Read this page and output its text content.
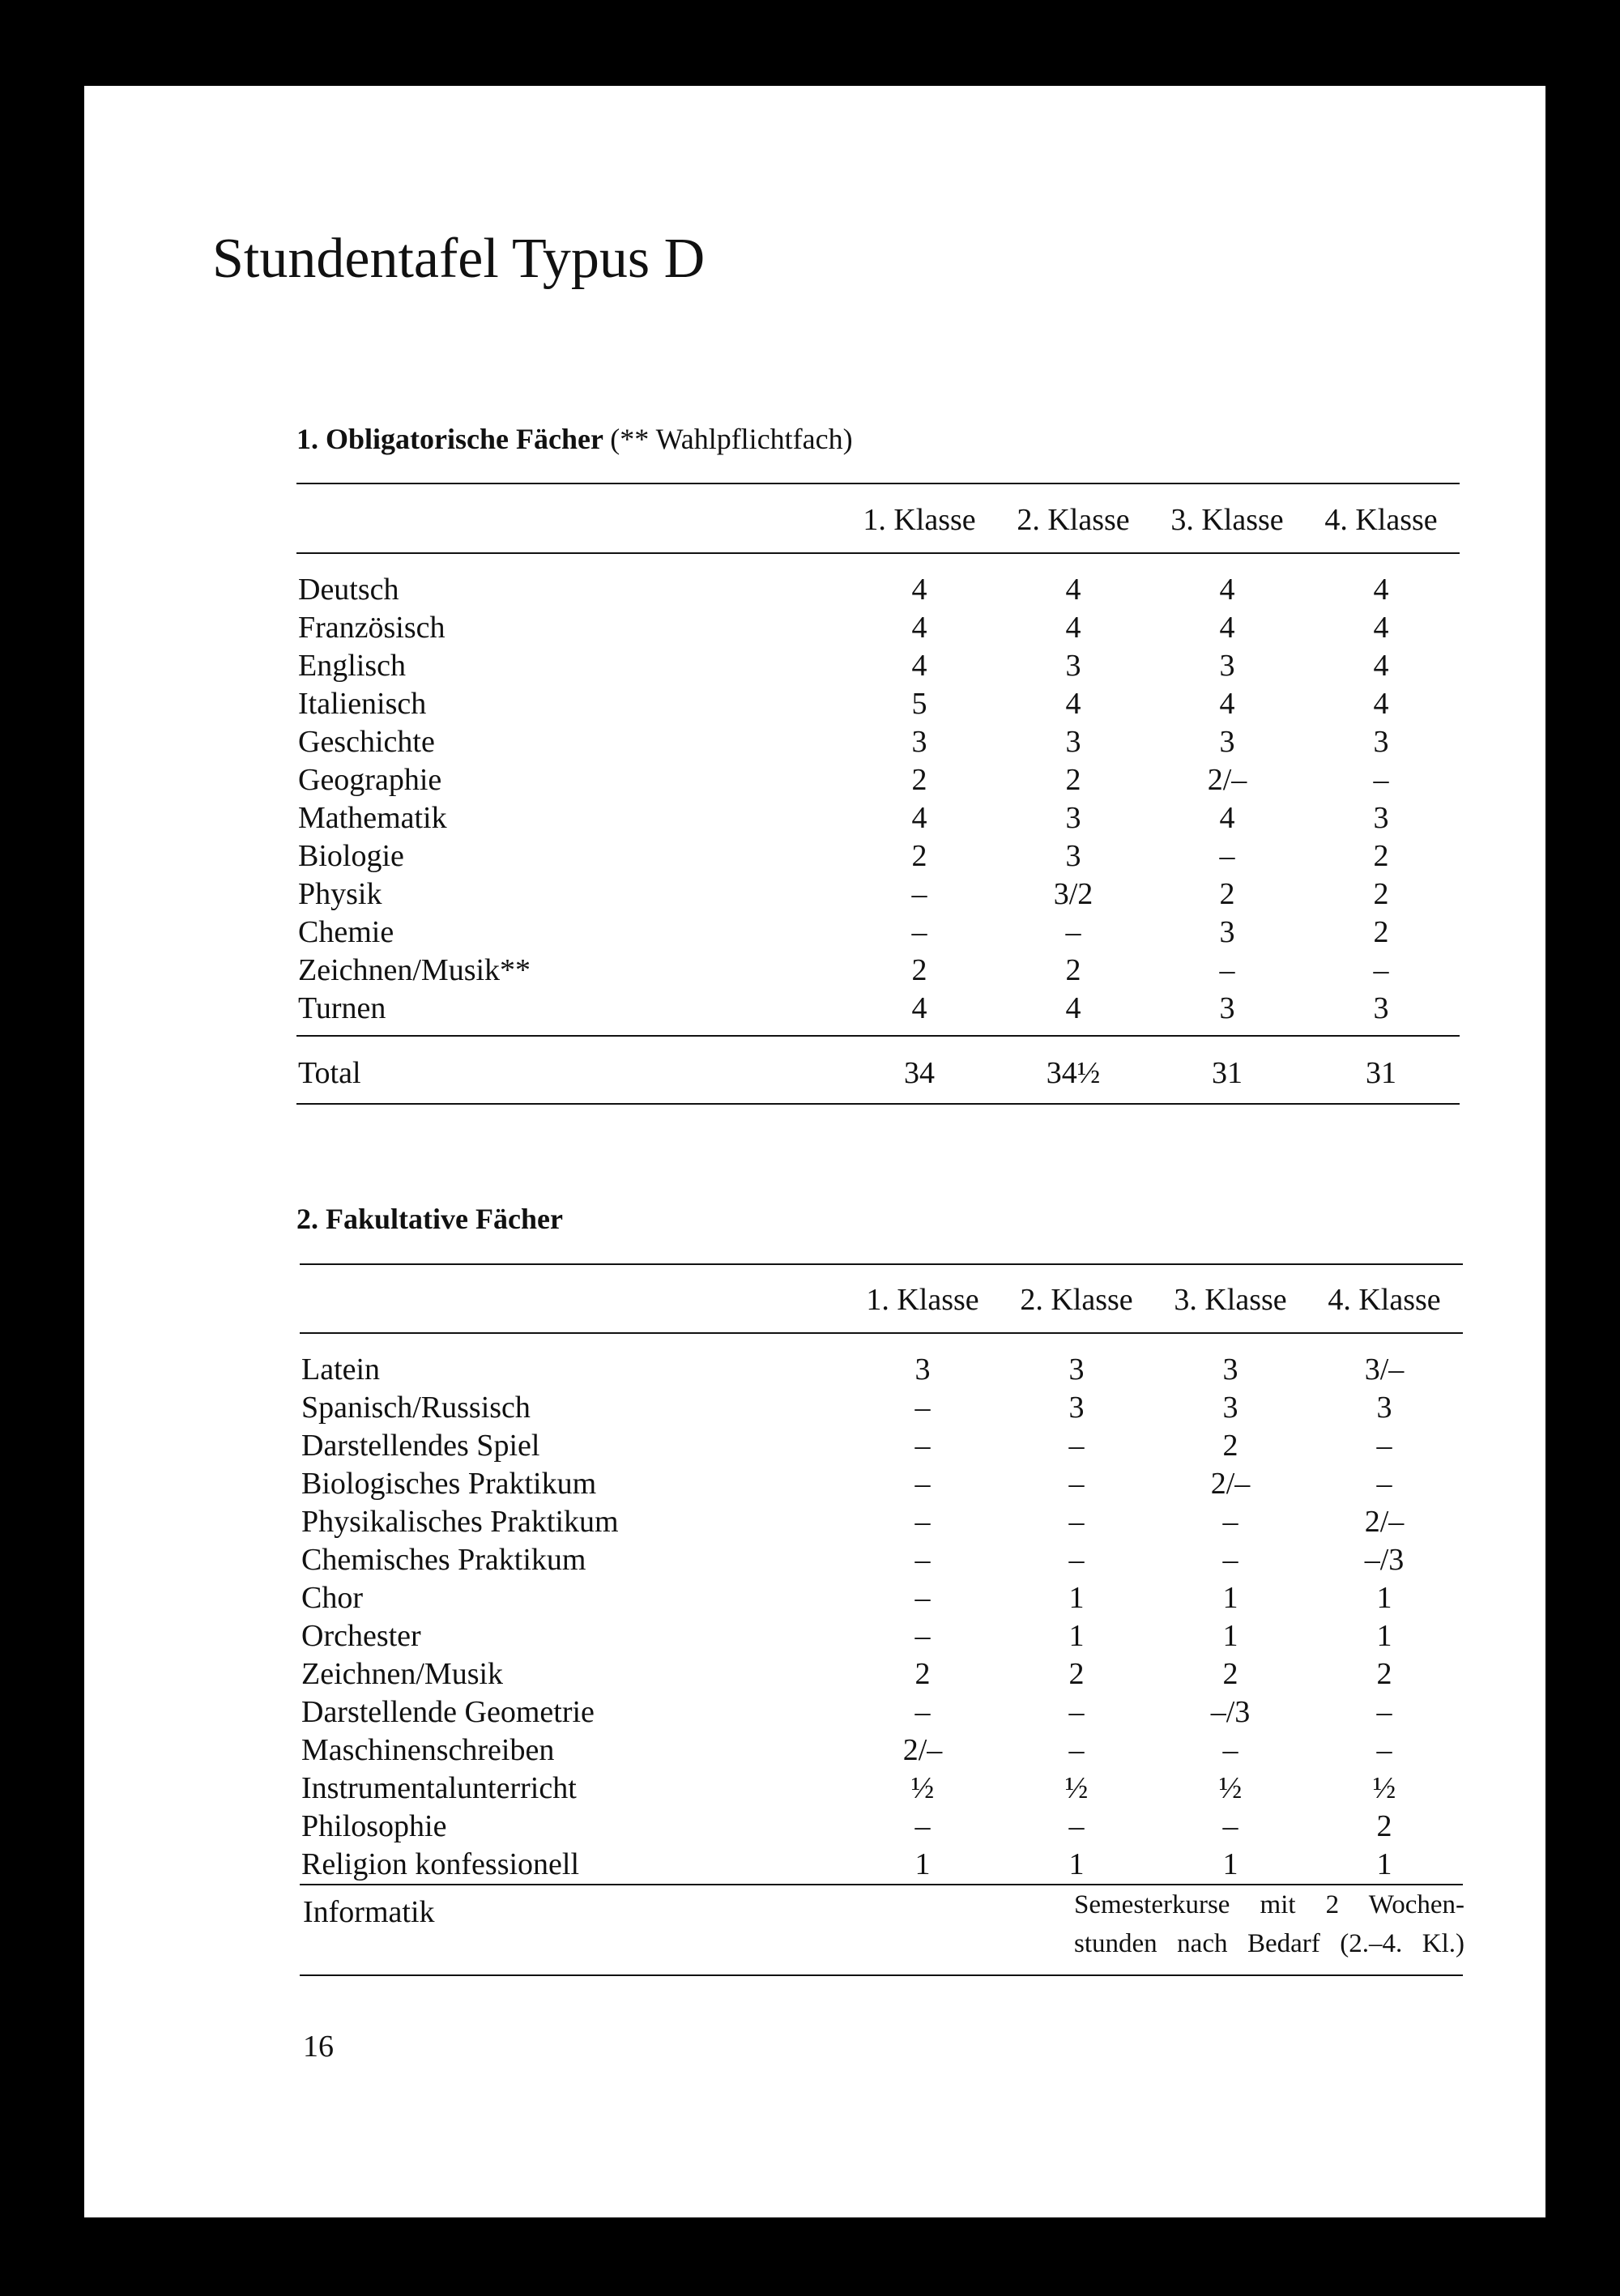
Stundentafel Typus D
1. Obligatorische Fächer (** Wahlpflichtfach)
1. Klasse	2. Klasse	3. Klasse	4. Klasse
Deutsch	4	4	4	4
Französisch	4	4	4	4
Englisch	4	3	3	4
Italienisch	5	4	4	4
Geschichte	3	3	3	3
Geographie	2	2	2/–	–
Mathematik	4	3	4	3
Biologie	2	3	–	2
Physik	–	3/2	2	2
Chemie	–	–	3	2
Zeichnen/Musik**	2	2	–	–
Turnen	4	4	3	3
Total	34	34½	31	31
2. Fakultative Fächer
1. Klasse	2. Klasse	3. Klasse	4. Klasse
Latein	3	3	3	3/–
Spanisch/Russisch	–	3	3	3
Darstellendes Spiel	–	–	2	–
Biologisches Praktikum	–	–	2/–	–
Physikalisches Praktikum	–	–	–	2/–
Chemisches Praktikum	–	–	–	–/3
Chor	–	1	1	1
Orchester	–	1	1	1
Zeichnen/Musik	2	2	2	2
Darstellende Geometrie	–	–	–/3	–
Maschinenschreiben	2/–	–	–	–
Instrumentalunterricht	½	½	½	½
Philosophie	–	–	–	2
Religion konfessionell	1	1	1	1
Informatik	Semesterkurse mit 2 Wochen-
stunden nach Bedarf (2.–4. Kl.)
16
